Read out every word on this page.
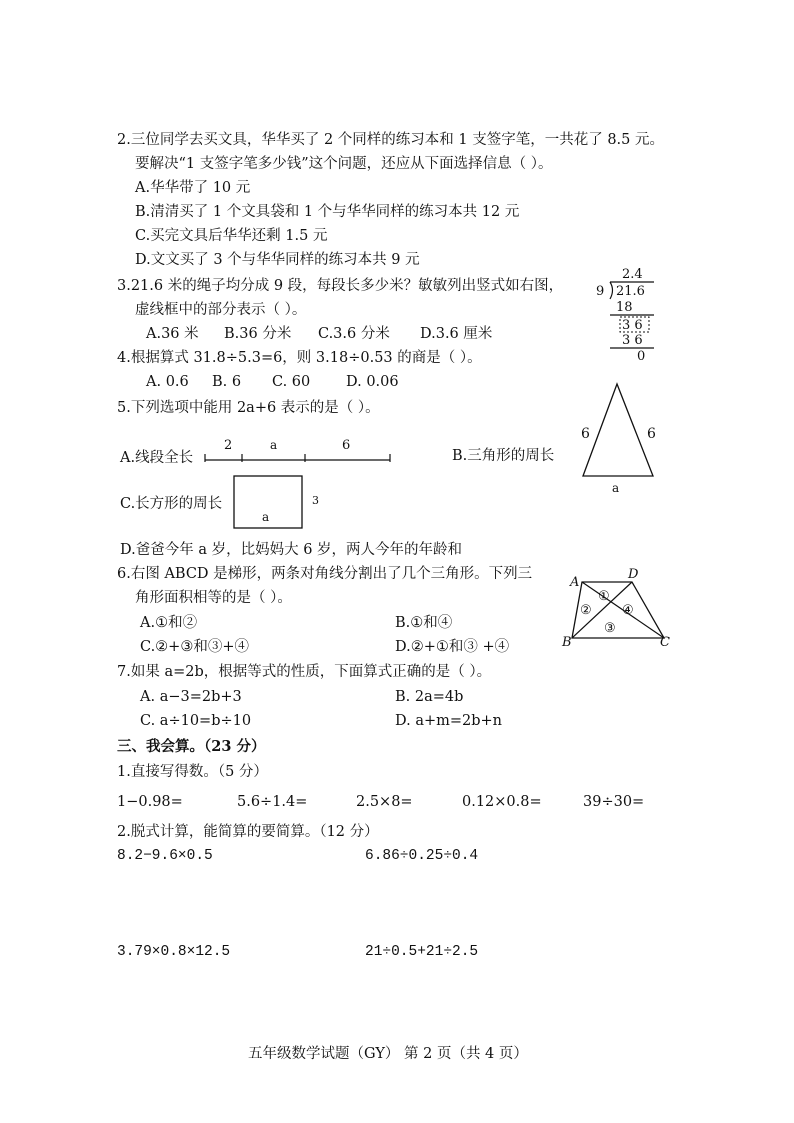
2.三位同学去买文具，华华买了 2 个同样的练习本和 1 支签字笔，一共花了 8.5 元。
要解决“1 支签字笔多少钱”这个问题，还应从下面选择信息（ ）。
A.华华带了 10 元
B.清清买了 1 个文具袋和 1 个与华华同样的练习本共 12 元
C.买完文具后华华还剩 1.5 元
D.文文买了 3 个与华华同样的练习本共 9 元
3.21.6 米的绳子均分成 9 段，每段长多少米？敏敏列出竖式如右图，
虚线框中的部分表示（ ）。
A.36 米 B.36 分米 C.3.6 分米 D.3.6 厘米
2.4
9 21.6
18
3 6
3 6
0
4.根据算式 31.8÷5.3=6，则 3.18÷0.53 的商是（ ）。
A. 0.6 B. 6 C. 60 D. 0.06
5.下列选项中能用 2a+6 表示的是（ ）。
A.线段全长
2	a	6
B.三角形的周长
6	6
a
C.长方形的周长
a
3
D.爸爸今年 a 岁，比妈妈大 6 岁，两人今年的年龄和
6.右图 ABCD 是梯形，两条对角线分割出了几个三角形。下列三
角形面积相等的是（ ）。
A.①和②	B.①和④
C.②+③和③+④	D.②+①和③ +④
A
D
B	C
①
②
③
④
7.如果 a=2b，根据等式的性质，下面算式正确的是（ ）。
A. a−3=2b+3	B. 2a=4b
C. a÷10=b÷10	D. a+m=2b+n
三、我会算。（23 分）
1.直接写得数。（5 分）
1−0.98=	5.6÷1.4=	2.5×8=	0.12×0.8=	39÷30=
2.脱式计算，能简算的要简算。（12 分）
8.2−9.6×0.5	6.86÷0.25÷0.4
3.79×0.8×12.5	21÷0.5+21÷2.5
五年级数学试题（GY） 第 2 页（共 4 页）
